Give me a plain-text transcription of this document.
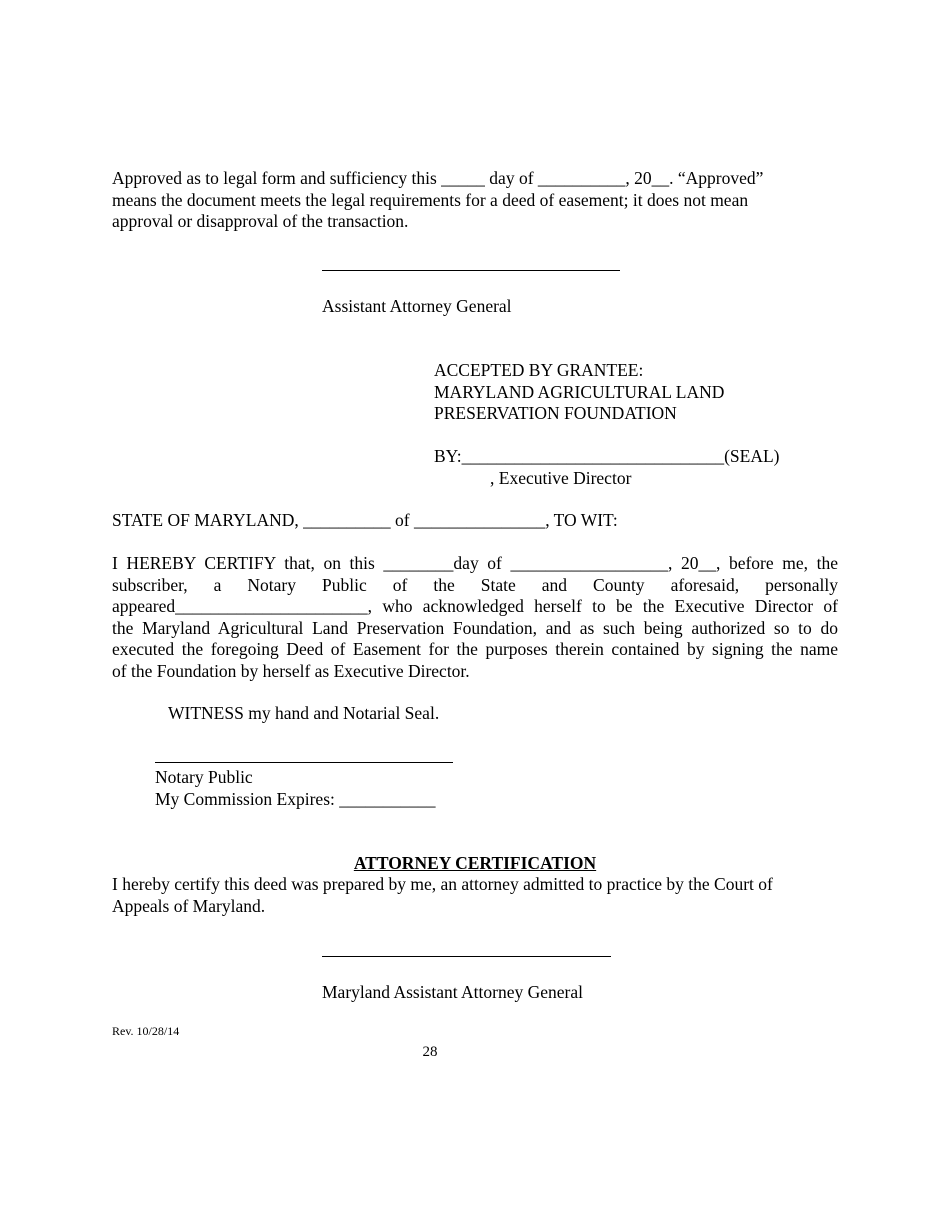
Approved as to legal form and sufficiency this _____ day of __________, 20__. “Approved”
means the document meets the legal requirements for a deed of easement; it does not mean
approval or disapproval of the transaction.
Assistant Attorney General
ACCEPTED BY GRANTEE:
MARYLAND AGRICULTURAL LAND
PRESERVATION FOUNDATION
BY:______________________________(SEAL)
, Executive Director
STATE OF MARYLAND, __________ of _______________, TO WIT:
I HEREBY CERTIFY that, on this ________day of __________________, 20__, before me, the
subscriber, a Notary Public of the State and County aforesaid, personally
appeared______________________, who acknowledged herself to be the Executive Director of
the Maryland Agricultural Land Preservation Foundation, and as such being authorized so to do
executed the foregoing Deed of Easement for the purposes therein contained by signing the name
of the Foundation by herself as Executive Director.
WITNESS my hand and Notarial Seal.
Notary Public
My Commission Expires: ___________
ATTORNEY CERTIFICATION
I hereby certify this deed was prepared by me, an attorney admitted to practice by the Court of
Appeals of Maryland.
Maryland Assistant Attorney General
Rev. 10/28/14
28
